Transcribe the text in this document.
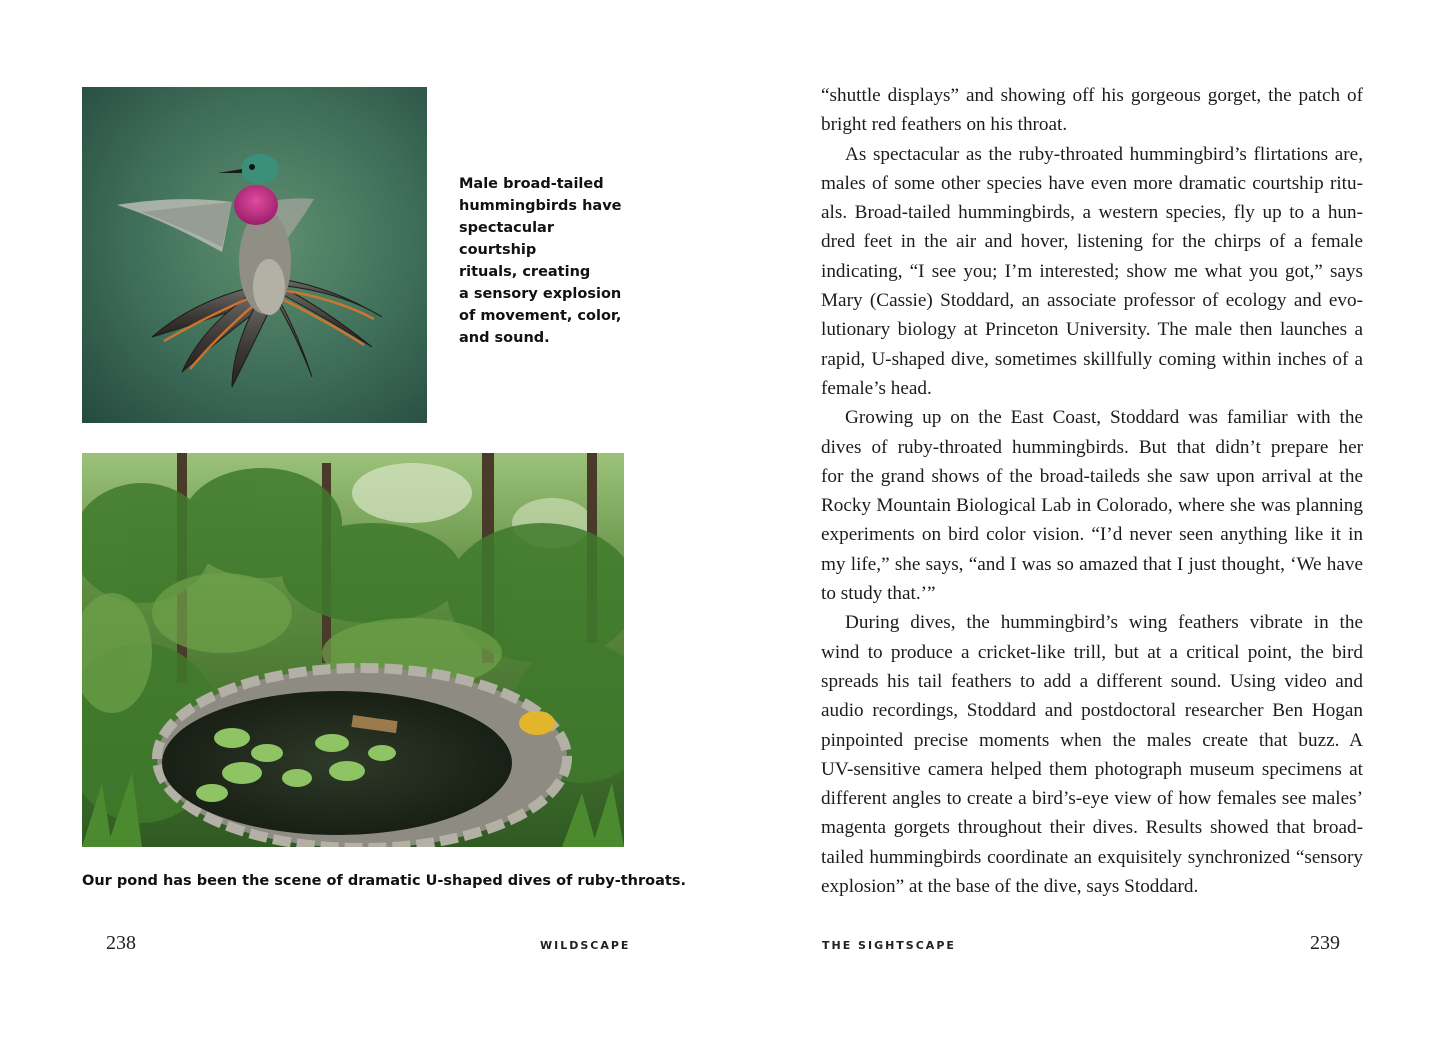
Male broad-tailed
hummingbirds have
spectacular courtship
rituals, creating
a sensory explosion
of movement, color,
and sound.
Our pond has been the scene of dramatic U-shaped dives of ruby-throats.
238	WILDSCAPE
“shuttle displays” and showing off his gorgeous gorget, the patch of
bright red feathers on his throat.
As spectacular as the ruby-throated hummingbird’s flirtations are,
males of some other species have even more dramatic courtship ritu-
als. Broad-tailed hummingbirds, a western species, fly up to a hun-
dred feet in the air and hover, listening for the chirps of a female
indicating, “I see you; I’m interested; show me what you got,” says
Mary (Cassie) Stoddard, an associate professor of ecology and evo-
lutionary biology at Princeton University. The male then launches a
rapid, U-shaped dive, sometimes skillfully coming within inches of a
female’s head.
Growing up on the East Coast, Stoddard was familiar with the
dives of ruby-throated hummingbirds. But that didn’t prepare her
for the grand shows of the broad-taileds she saw upon arrival at the
Rocky Mountain Biological Lab in Colorado, where she was planning
experiments on bird color vision. “I’d never seen anything like it in
my life,” she says, “and I was so amazed that I just thought, ‘We have
to study that.’”
During dives, the hummingbird’s wing feathers vibrate in the
wind to produce a cricket-like trill, but at a critical point, the bird
spreads his tail feathers to add a different sound. Using video and
audio recordings, Stoddard and postdoctoral researcher Ben Hogan
pinpointed precise moments when the males create that buzz. A
UV-sensitive camera helped them photograph museum specimens at
different angles to create a bird’s-eye view of how females see males’
magenta gorgets throughout their dives. Results showed that broad-
tailed hummingbirds coordinate an exquisitely synchronized “sensory
explosion” at the base of the dive, says Stoddard.
THE SIGHTSCAPE	239
